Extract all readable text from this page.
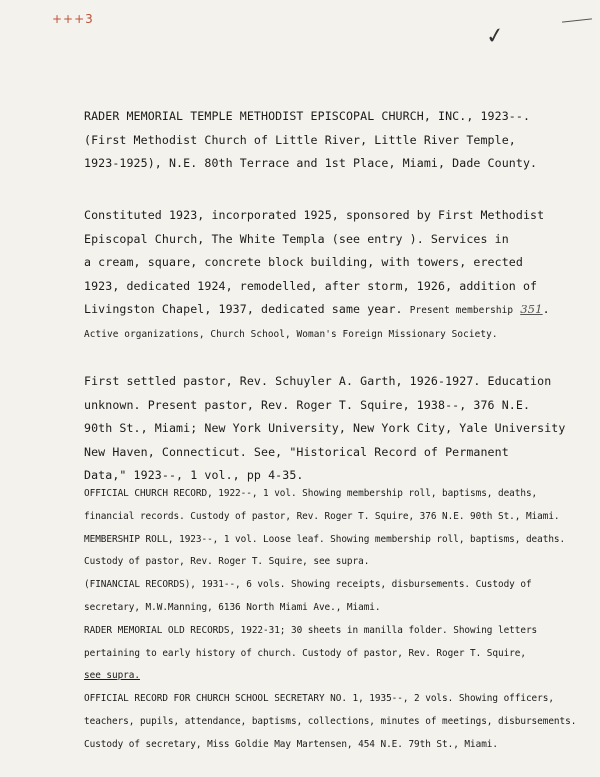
+++3
✓
RADER MEMORIAL TEMPLE METHODIST EPISCOPAL CHURCH, INC., 1923--.
(First Methodist Church of Little River, Little River Temple,
1923-1925), N.E. 80th Terrace and 1st Place, Miami, Dade County.
Constituted 1923, incorporated 1925, sponsored by First Methodist
Episcopal Church, The White Templa (see entry ). Services in
a cream, square, concrete block building, with towers, erected
1923, dedicated 1924, remodelled, after storm, 1926, addition of
Livingston Chapel, 1937, dedicated same year. Present membership 351.
Active organizations, Church School, Woman's Foreign Missionary Society.
First settled pastor, Rev. Schuyler A. Garth, 1926-1927. Education
unknown. Present pastor, Rev. Roger T. Squire, 1938--, 376 N.E.
90th St., Miami; New York University, New York City, Yale University
New Haven, Connecticut. See, "Historical Record of Permanent
Data," 1923--, 1 vol., pp 4-35.
OFFICIAL CHURCH RECORD, 1922--, 1 vol. Showing membership roll, baptisms, deaths,
financial records. Custody of pastor, Rev. Roger T. Squire, 376 N.E. 90th St., Miami.
MEMBERSHIP ROLL, 1923--, 1 vol. Loose leaf. Showing membership roll, baptisms, deaths.
Custody of pastor, Rev. Roger T. Squire, see supra.
(FINANCIAL RECORDS), 1931--, 6 vols. Showing receipts, disbursements. Custody of
secretary, M.W.Manning, 6136 North Miami Ave., Miami.
RADER MEMORIAL OLD RECORDS, 1922-31; 30 sheets in manilla folder. Showing letters
pertaining to early history of church. Custody of pastor, Rev. Roger T. Squire,
see supra.
OFFICIAL RECORD FOR CHURCH SCHOOL SECRETARY NO. 1, 1935--, 2 vols. Showing officers,
teachers, pupils, attendance, baptisms, collections, minutes of meetings, disbursements.
Custody of secretary, Miss Goldie May Martensen, 454 N.E. 79th St., Miami.
